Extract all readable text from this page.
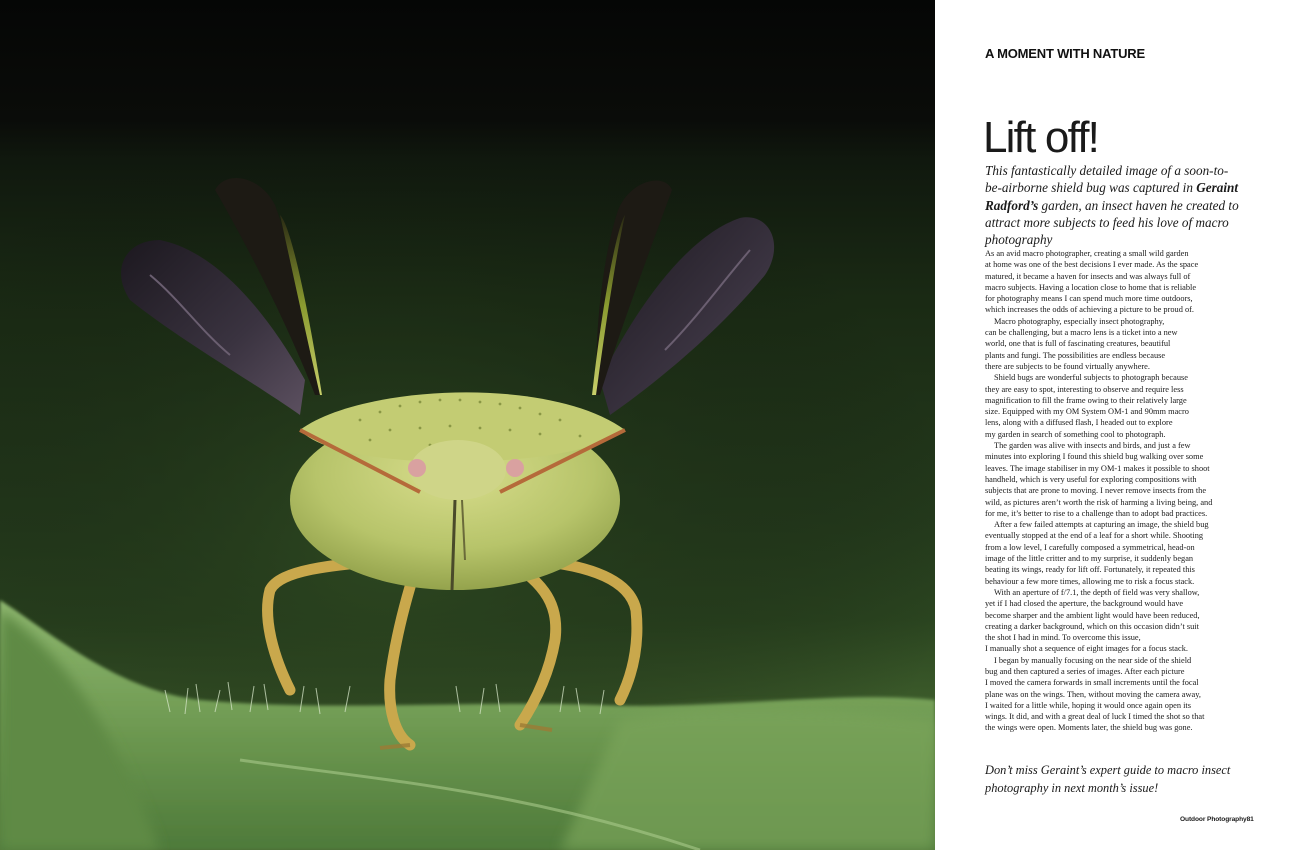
A MOMENT WITH NATURE
Lift off!

This fantastically detailed image of a soon-to-be-airborne shield bug was captured in Geraint Radford’s garden, an insect haven he created to attract more subjects to feed his love of macro photography

As an avid macro photographer, creating a small wild garden
at home was one of the best decisions I ever made. As the space
matured, it became a haven for insects and was always full of
macro subjects. Having a location close to home that is reliable
for photography means I can spend much more time outdoors,
which increases the odds of achieving a picture to be proud of.
Macro photography, especially insect photography,
can be challenging, but a macro lens is a ticket into a new
world, one that is full of fascinating creatures, beautiful
plants and fungi. The possibilities are endless because
there are subjects to be found virtually anywhere.
Shield bugs are wonderful subjects to photograph because
they are easy to spot, interesting to observe and require less
magnification to fill the frame owing to their relatively large
size. Equipped with my OM System OM-1 and 90mm macro
lens, along with a diffused flash, I headed out to explore
my garden in search of something cool to photograph.
The garden was alive with insects and birds, and just a few
minutes into exploring I found this shield bug walking over some
leaves. The image stabiliser in my OM-1 makes it possible to shoot
handheld, which is very useful for exploring compositions with
subjects that are prone to moving. I never remove insects from the
wild, as pictures aren’t worth the risk of harming a living being, and
for me, it’s better to rise to a challenge than to adopt bad practices.
After a few failed attempts at capturing an image, the shield bug
eventually stopped at the end of a leaf for a short while. Shooting
from a low level, I carefully composed a symmetrical, head-on
image of the little critter and to my surprise, it suddenly began
beating its wings, ready for lift off. Fortunately, it repeated this
behaviour a few more times, allowing me to risk a focus stack.
With an aperture of f/7.1, the depth of field was very shallow,
yet if I had closed the aperture, the background would have
become sharper and the ambient light would have been reduced,
creating a darker background, which on this occasion didn’t suit
the shot I had in mind. To overcome this issue,
I manually shot a sequence of eight images for a focus stack.
I began by manually focusing on the near side of the shield
bug and then captured a series of images. After each picture
I moved the camera forwards in small increments until the focal
plane was on the wings. Then, without moving the camera away,
I waited for a little while, hoping it would once again open its
wings. It did, and with a great deal of luck I timed the shot so that
the wings were open. Moments later, the shield bug was gone.

Don’t miss Geraint’s expert guide to macro insect photography in next month’s issue!

Outdoor Photography81
